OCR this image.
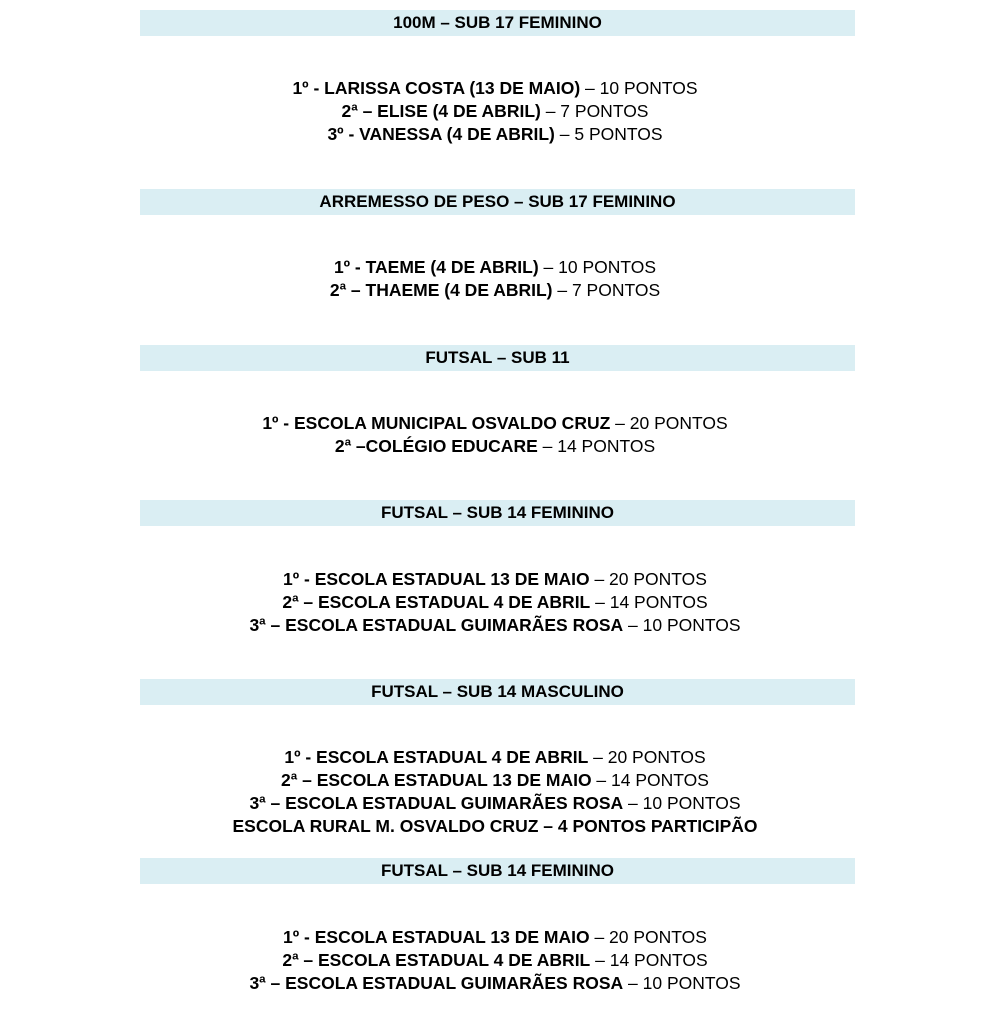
100M – SUB 17 FEMININO
1º - LARISSA COSTA (13 DE MAIO) – 10 PONTOS
2ª – ELISE (4 DE ABRIL) – 7 PONTOS
3º - VANESSA (4 DE ABRIL) – 5 PONTOS
ARREMESSO DE PESO – SUB 17 FEMININO
1º - TAEME (4 DE ABRIL) – 10 PONTOS
2ª – THAEME (4 DE ABRIL) – 7 PONTOS
FUTSAL – SUB 11
1º - ESCOLA MUNICIPAL OSVALDO CRUZ – 20 PONTOS
2ª –COLÉGIO EDUCARE – 14 PONTOS
FUTSAL – SUB 14 FEMININO
1º - ESCOLA ESTADUAL 13 DE MAIO – 20 PONTOS
2ª – ESCOLA ESTADUAL 4 DE ABRIL – 14 PONTOS
3ª – ESCOLA ESTADUAL GUIMARÃES ROSA – 10 PONTOS
FUTSAL – SUB 14 MASCULINO
1º - ESCOLA ESTADUAL 4 DE ABRIL – 20 PONTOS
2ª – ESCOLA ESTADUAL 13 DE MAIO – 14 PONTOS
3ª – ESCOLA ESTADUAL GUIMARÃES ROSA – 10 PONTOS
ESCOLA RURAL M. OSVALDO CRUZ – 4 PONTOS PARTICIPÃO
FUTSAL – SUB 14 FEMININO
1º - ESCOLA ESTADUAL 13 DE MAIO – 20 PONTOS
2ª – ESCOLA ESTADUAL 4 DE ABRIL – 14 PONTOS
3ª – ESCOLA ESTADUAL GUIMARÃES ROSA – 10 PONTOS
